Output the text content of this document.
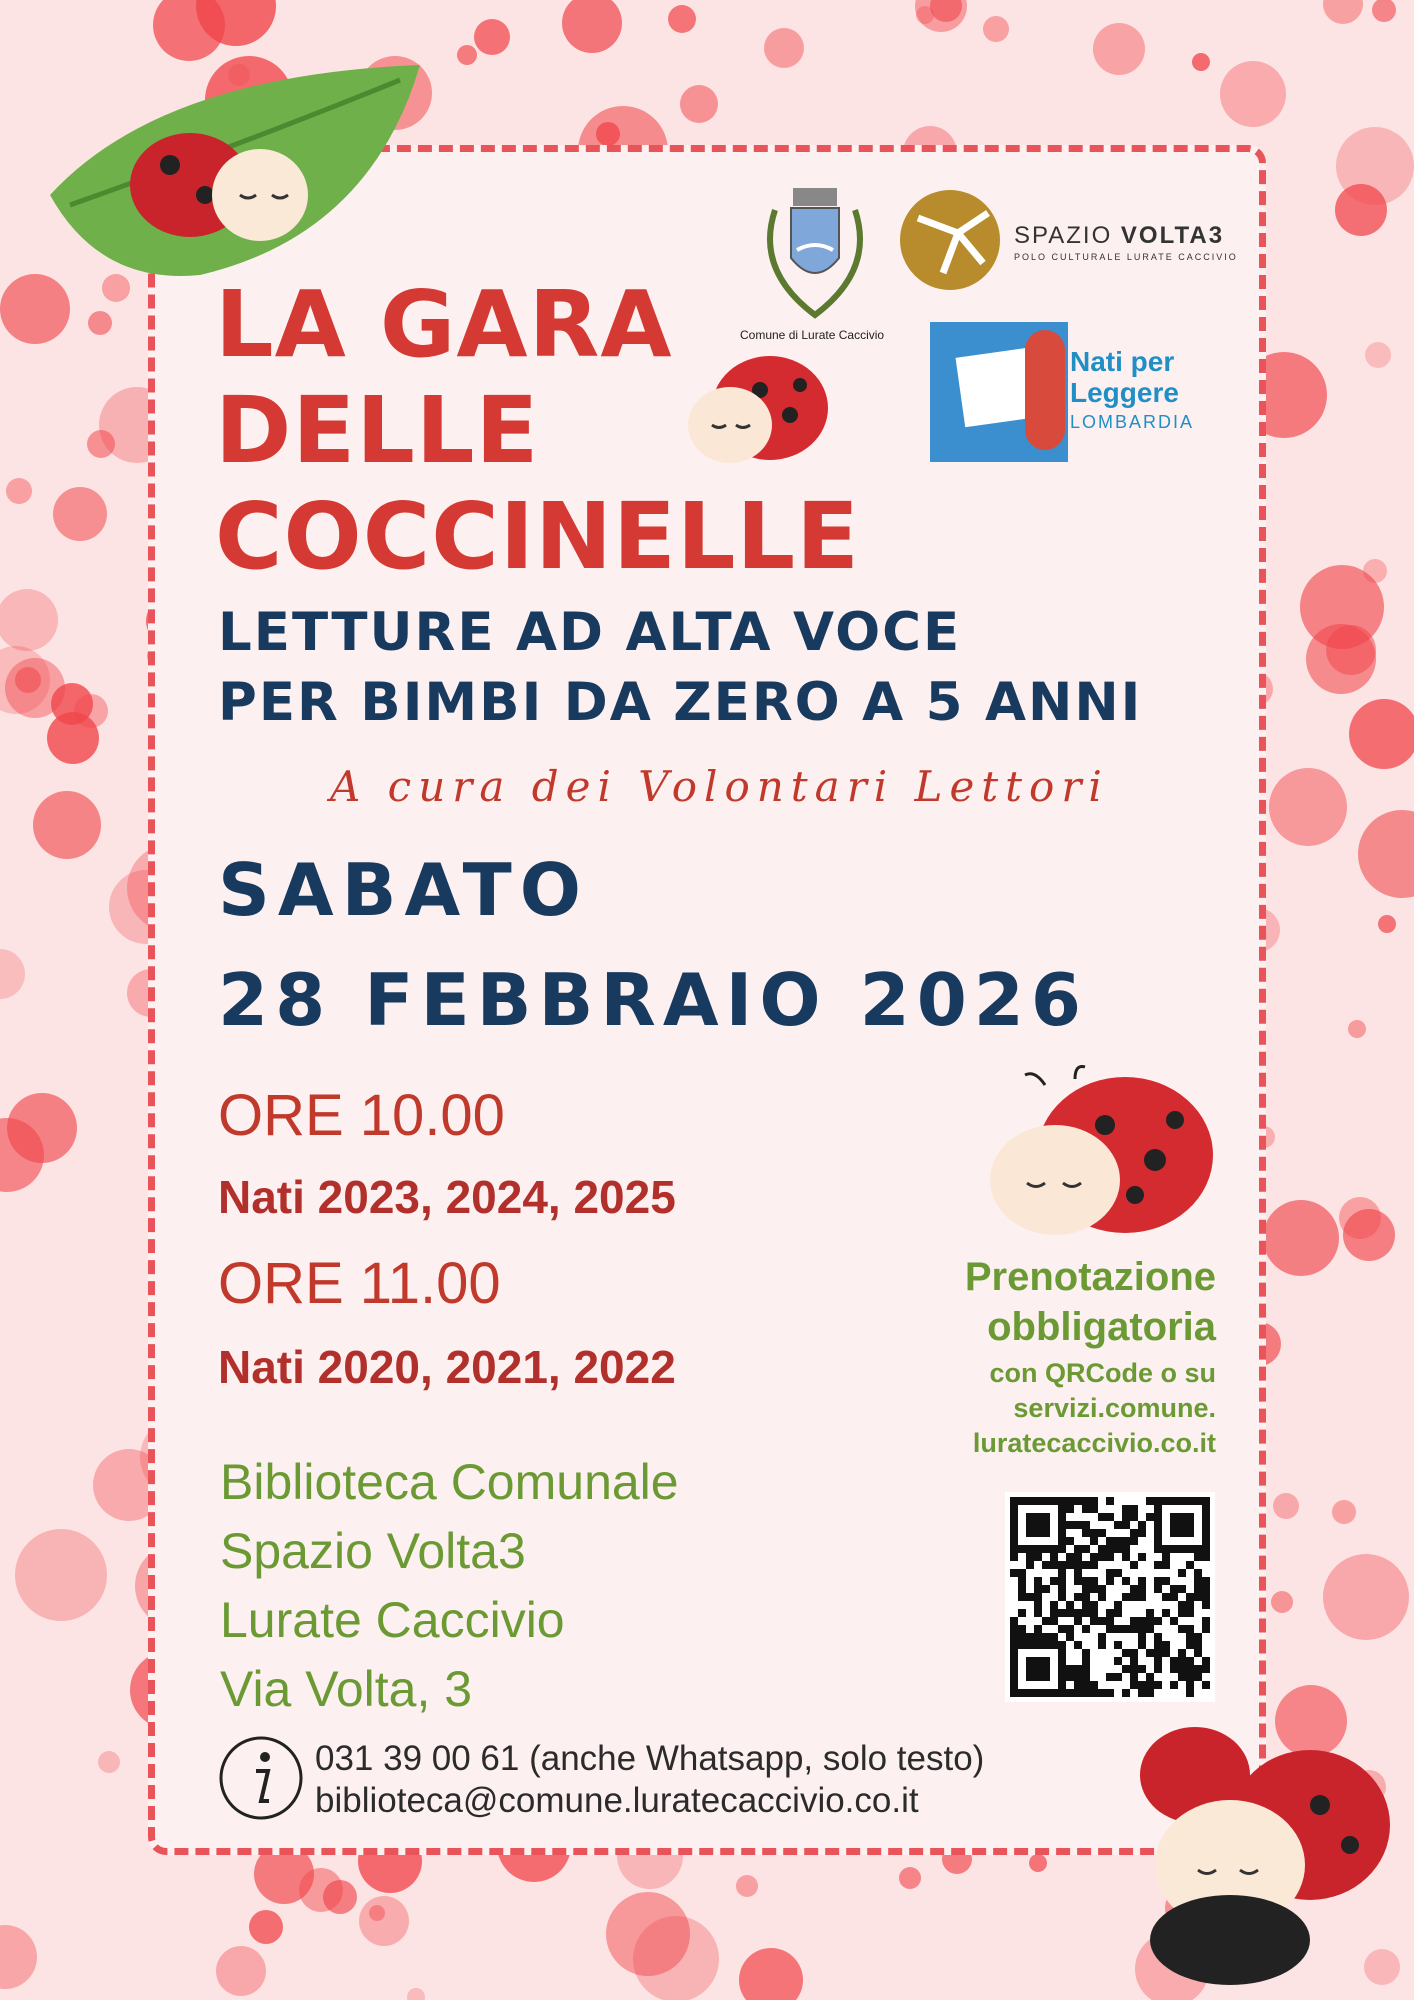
Comune di Lurate Caccivio
SPAZIO VOLTA3
POLO CULTURALE LURATE CACCIVIO
Nati per
Leggere
LOMBARDIA
LA GARA
DELLE
COCCINELLE
LETTURE AD ALTA VOCE
PER BIMBI DA ZERO A 5 ANNI
A cura dei Volontari Lettori
SABATO
28 FEBBRAIO 2026
ORE 10.00
Nati 2023, 2024, 2025
ORE 11.00
Nati 2020, 2021, 2022
Prenotazione
obbligatoria
con QRCode o su
servizi.comune.
luratecaccivio.co.it
Biblioteca Comunale
Spazio Volta3
Lurate Caccivio
Via Volta, 3
031 39 00 61 (anche Whatsapp, solo testo)
biblioteca@comune.luratecaccivio.co.it
